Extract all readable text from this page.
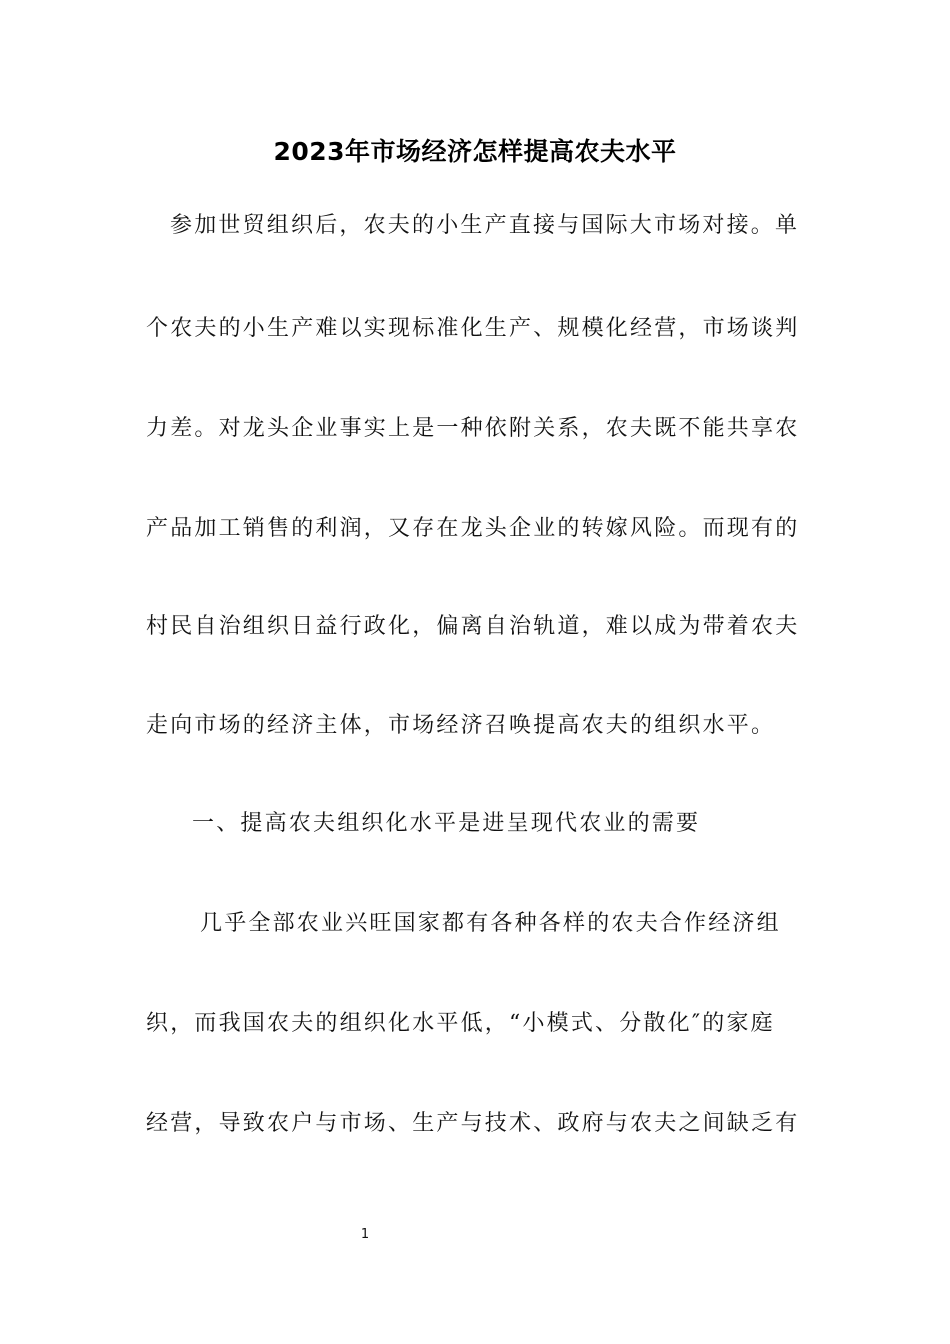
2023年市场经济怎样提高农夫水平
参加世贸组织后，农夫的小生产直接与国际大市场对接。单
个农夫的小生产难以实现标准化生产、规模化经营，市场谈判
力差。对龙头企业事实上是一种依附关系，农夫既不能共享农
产品加工销售的利润，又存在龙头企业的转嫁风险。而现有的
村民自治组织日益行政化，偏离自治轨道，难以成为带着农夫
走向市场的经济主体，市场经济召唤提高农夫的组织水平。
一、提高农夫组织化水平是进呈现代农业的需要
几乎全部农业兴旺国家都有各种各样的农夫合作经济组
织，而我国农夫的组织化水平低，“小模式、分散化″的家庭
经营，导致农户与市场、生产与技术、政府与农夫之间缺乏有
1
